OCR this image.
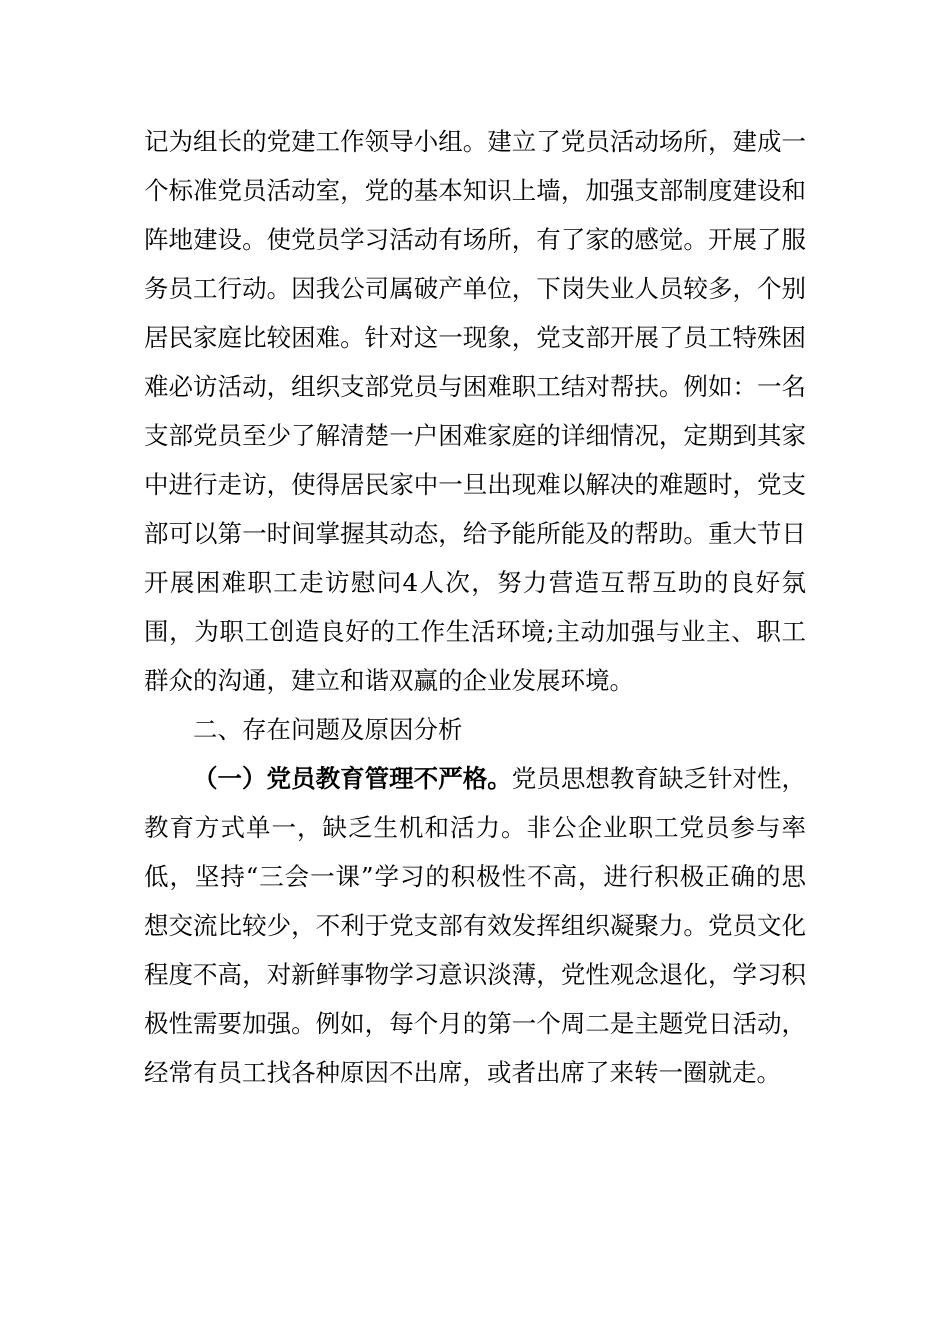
记为组长的党建工作领导小组。建立了党员活动场所，建成一个标准党员活动室，党的基本知识上墙，加强支部制度建设和阵地建设。使党员学习活动有场所，有了家的感觉。开展了服务员工行动。因我公司属破产单位，下岗失业人员较多，个别居民家庭比较困难。针对这一现象，党支部开展了员工特殊困难必访活动，组织支部党员与困难职工结对帮扶。例如：一名支部党员至少了解清楚一户困难家庭的详细情况，定期到其家中进行走访，使得居民家中一旦出现难以解决的难题时，党支部可以第一时间掌握其动态，给予能所能及的帮助。重大节日开展困难职工走访慰问4人次，努力营造互帮互助的良好氛围，为职工创造良好的工作生活环境;主动加强与业主、职工群众的沟通，建立和谐双赢的企业发展环境。

二、存在问题及原因分析

（一）党员教育管理不严格。党员思想教育缺乏针对性，教育方式单一，缺乏生机和活力。非公企业职工党员参与率低，坚持“三会一课”学习的积极性不高，进行积极正确的思想交流比较少，不利于党支部有效发挥组织凝聚力。党员文化程度不高，对新鲜事物学习意识淡薄，党性观念退化，学习积极性需要加强。例如，每个月的第一个周二是主题党日活动，经常有员工找各种原因不出席，或者出席了来转一圈就走。
